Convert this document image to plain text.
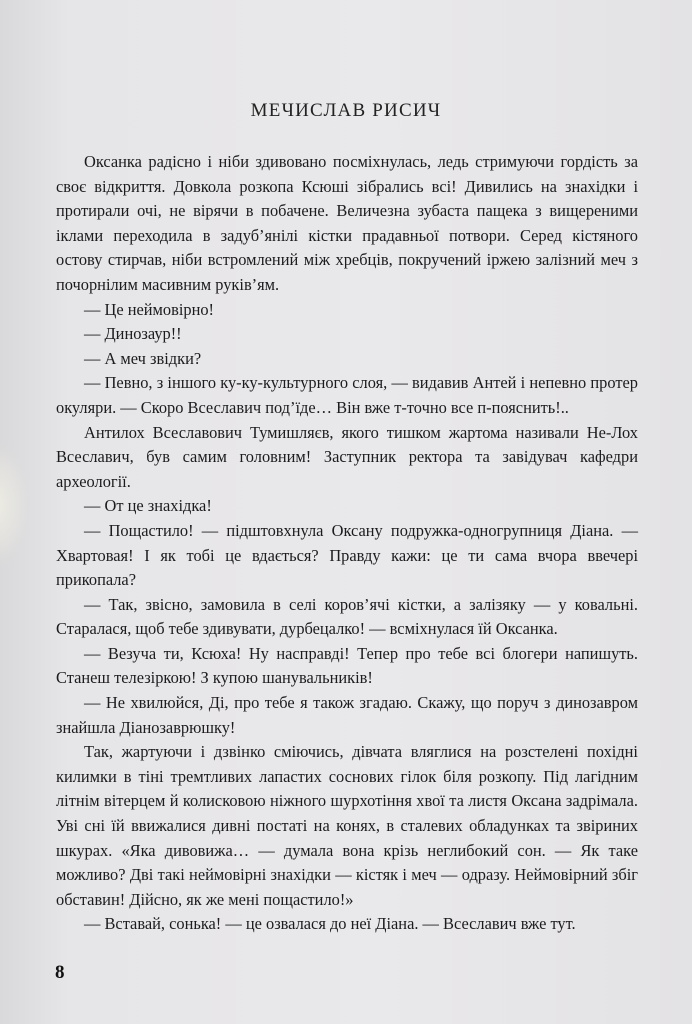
МЕЧИСЛАВ РИСИЧ

Оксанка радісно і ніби здивовано посміхнулась, ледь стримуючи гордість за своє відкриття. Довкола розкопа Ксюші зібрались всі! Дивились на знахідки і протирали очі, не вірячи в побачене. Величезна зубаста пащека з вищереними іклами переходила в задуб’янілі кістки прадавньої потвори. Серед кістяного остову стирчав, ніби встромлений між хребців, покручений іржею залізний меч з почорнілим масивним руків’ям.

— Це неймовірно!

— Динозаур!!

— А меч звідки?

— Певно, з іншого ку-ку-культурного слоя, — видавив Антей і непевно протер окуляри. — Скоро Всеславич под’їде… Він вже т-точно все п-пояснить!..

Антилох Всеславович Тумишляєв, якого тишком жартома називали Не-Лох Всеславич, був самим головним! Заступник ректора та завідувач кафедри археології.

— От це знахідка!

— Пощастило! — підштовхнула Оксану подружка-одногрупниця Діана. — Хвартовая! І як тобі це вдається? Правду кажи: це ти сама вчора ввечері прикопала?

— Так, звісно, замовила в селі коров’ячі кістки, а залізяку — у ковальні. Старалася, щоб тебе здивувати, дурбецалко! — всміхнулася їй Оксанка.

— Везуча ти, Ксюха! Ну насправді! Тепер про тебе всі блогери напишуть. Станеш телезіркою! З купою шанувальників!

— Не хвилюйся, Ді, про тебе я також згадаю. Скажу, що поруч з динозавром знайшла Діанозаврюшку!

Так, жартуючи і дзвінко сміючись, дівчата вляглися на розстелені похідні килимки в тіні тремтливих лапастих соснових гілок біля розкопу. Під лагідним літнім вітерцем й колисковою ніжного шурхотіння хвої та листя Оксана задрімала. Уві сні їй ввижалися дивні постаті на конях, в сталевих обладунках та звіриних шкурах. «Яка дивовижа… — думала вона крізь неглибокий сон. — Як таке можливо? Дві такі неймовірні знахідки — кістяк і меч — одразу. Неймовірний збіг обставин! Дійсно, як же мені пощастило!»

— Вставай, сонька! — це озвалася до неї Діана. — Всеславич вже тут.

8
